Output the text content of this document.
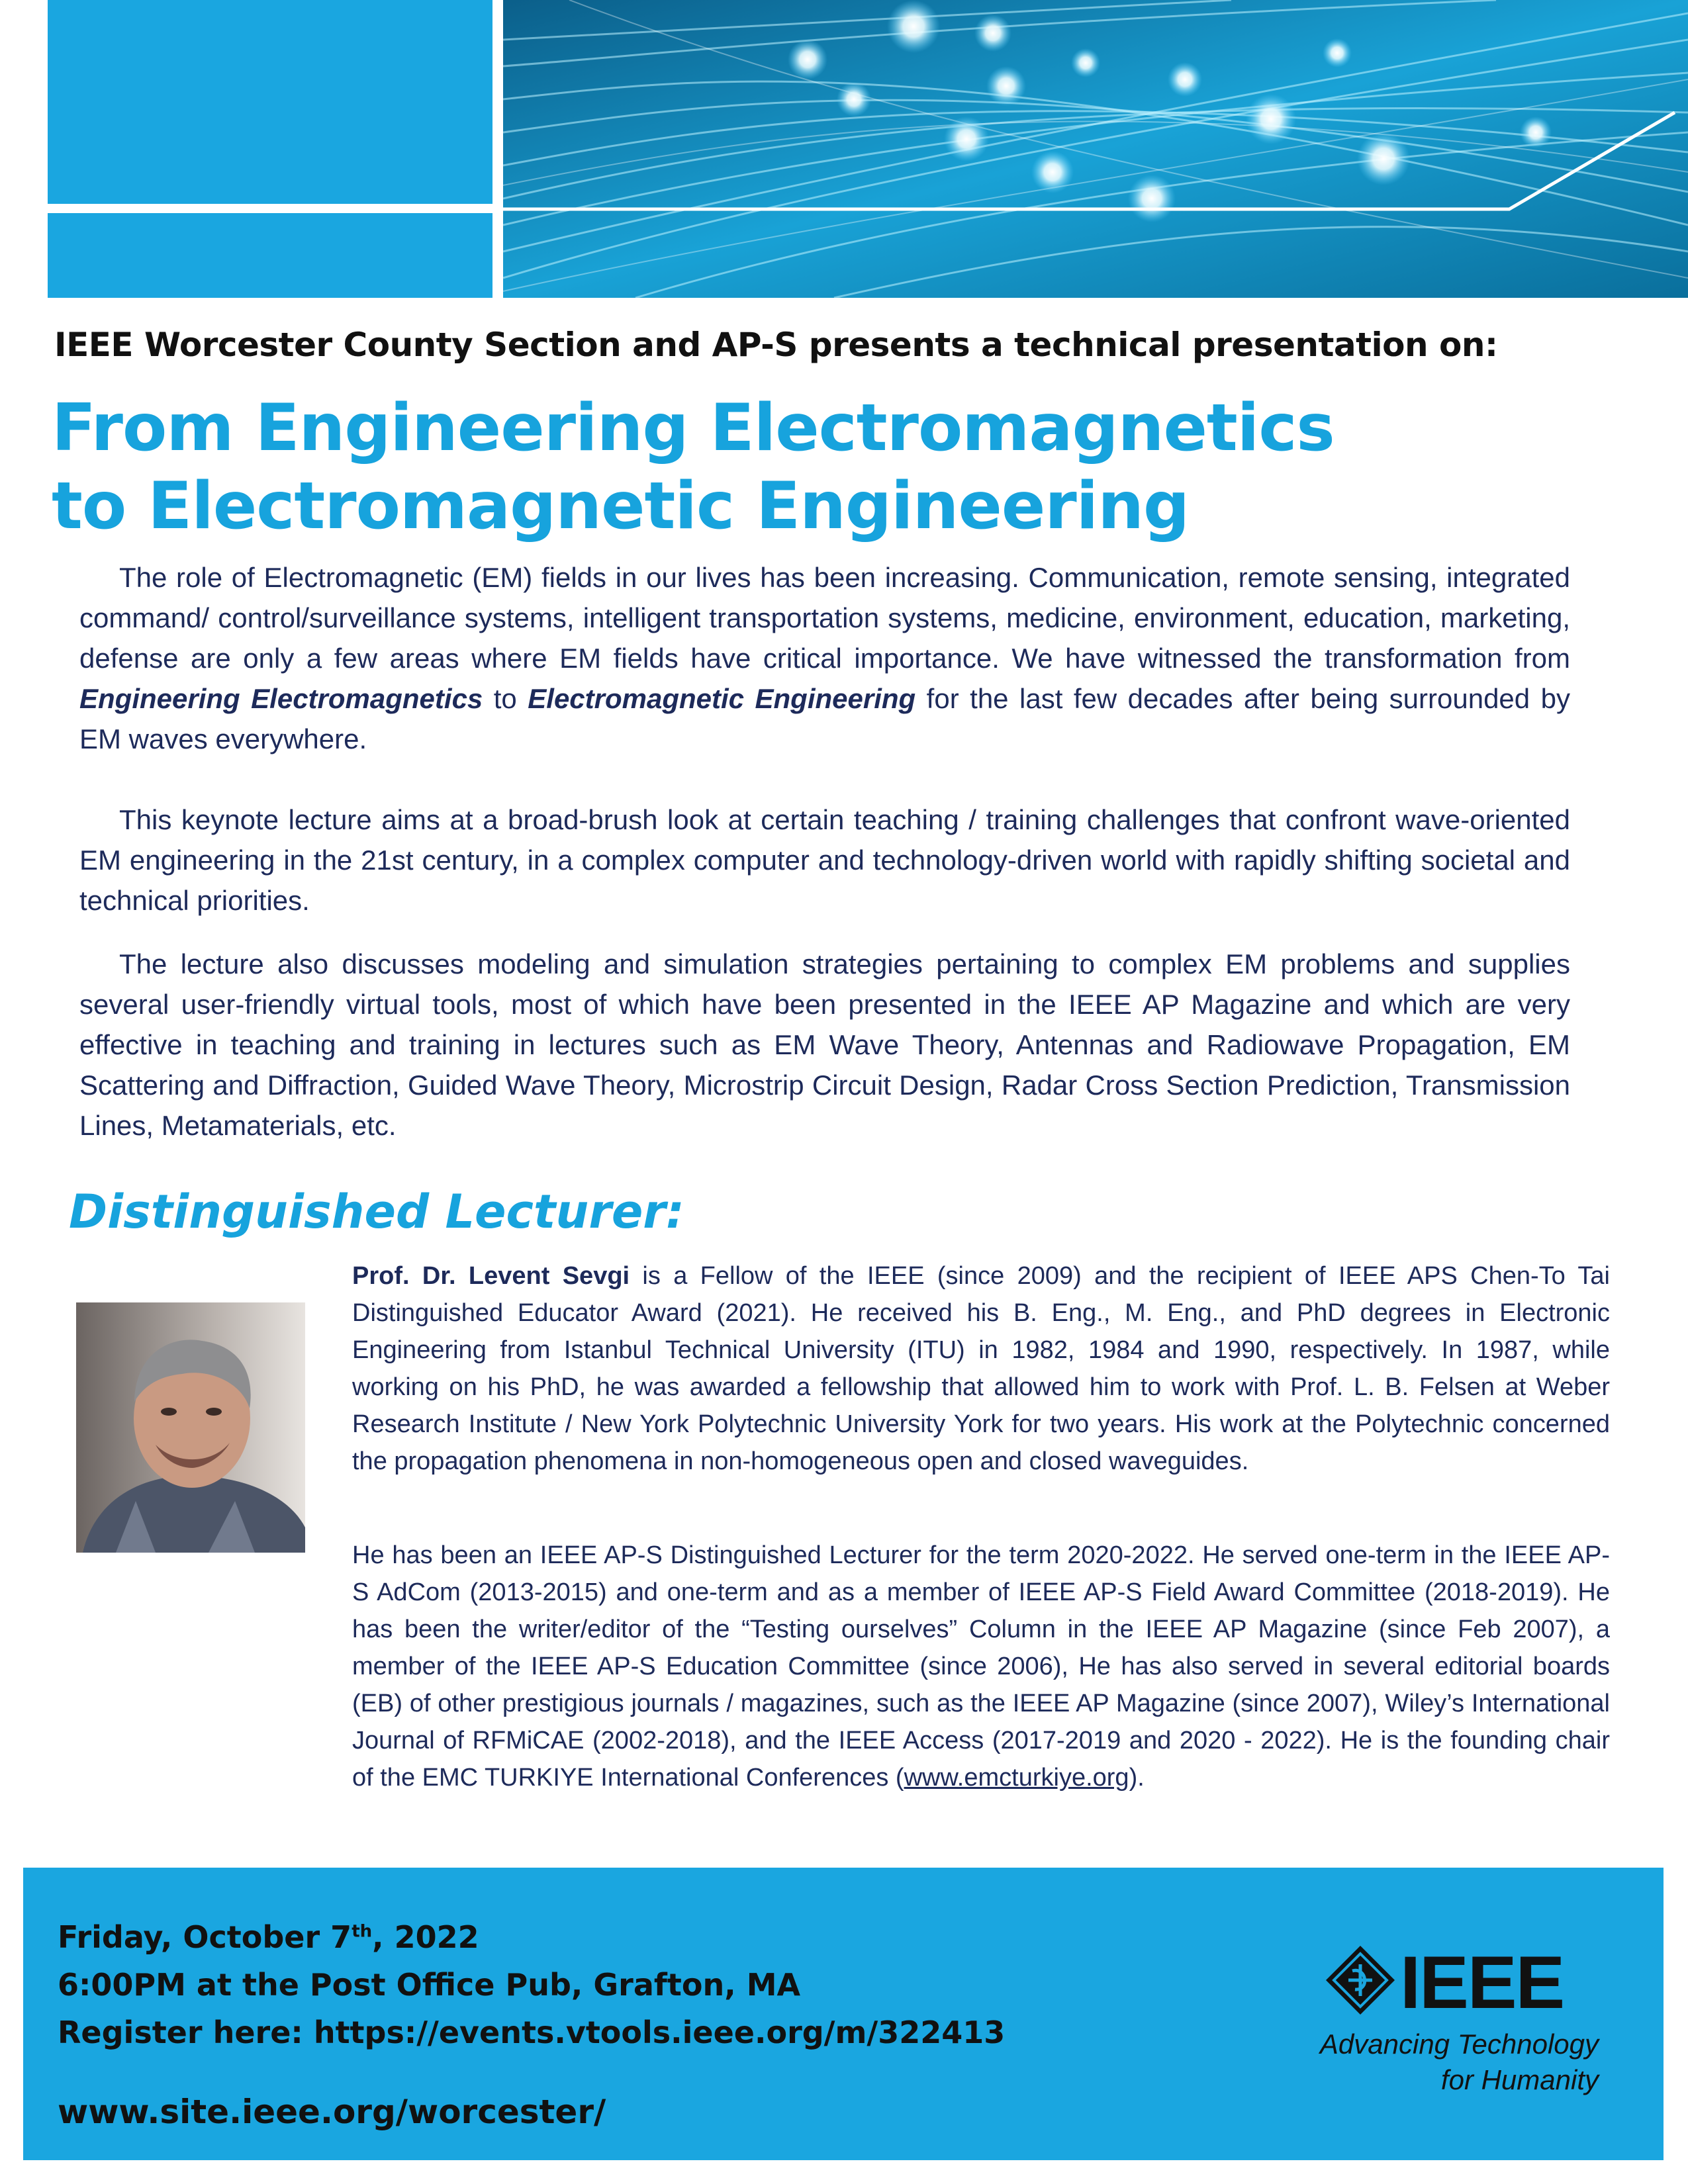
IEEE Worcester County Section and AP-S presents a technical presentation on:
From Engineering Electromagnetics
to Electromagnetic Engineering

The role of Electromagnetic (EM) fields in our lives has been increasing. Communication, remote sensing, integrated command/ control/surveillance systems, intelligent transportation systems, medicine, environment, education, marketing, defense are only a few areas where EM fields have critical importance. We have witnessed the transformation from Engineering Electromagnetics to Electromagnetic Engineering for the last few decades after being surrounded by EM waves everywhere.

This keynote lecture aims at a broad-brush look at certain teaching / training challenges that confront wave-oriented EM engineering in the 21st century, in a complex computer and technology-driven world with rapidly shifting societal and technical priorities.

The lecture also discusses modeling and simulation strategies pertaining to complex EM problems and supplies several user-friendly virtual tools, most of which have been presented in the IEEE AP Magazine and which are very effective in teaching and training in lectures such as EM Wave Theory, Antennas and Radiowave Propagation, EM Scattering and Diffraction, Guided Wave Theory, Microstrip Circuit Design, Radar Cross Section Prediction, Transmission Lines, Metamaterials, etc.

Distinguished Lecturer:

Prof. Dr. Levent Sevgi is a Fellow of the IEEE (since 2009) and the recipient of IEEE APS Chen-To Tai Distinguished Educator Award (2021). He received his B. Eng., M. Eng., and PhD degrees in Electronic Engineering from Istanbul Technical University (ITU) in 1982, 1984 and 1990, respectively. In 1987, while working on his PhD, he was awarded a fellowship that allowed him to work with Prof. L. B. Felsen at Weber Research Institute / New York Polytechnic University York for two years. His work at the Polytechnic concerned the propagation phenomena in non-homogeneous open and closed waveguides.

He has been an IEEE AP-S Distinguished Lecturer for the term 2020-2022. He served one-term in the IEEE AP-S AdCom (2013-2015) and one-term and as a member of IEEE AP-S Field Award Committee (2018-2019). He has been the writer/editor of the “Testing ourselves” Column in the IEEE AP Magazine (since Feb 2007), a member of the IEEE AP-S Education Committee (since 2006), He has also served in several editorial boards (EB) of other prestigious journals / magazines, such as the IEEE AP Magazine (since 2007), Wiley’s International Journal of RFMiCAE (2002-2018), and the IEEE Access (2017-2019 and 2020 - 2022). He is the founding chair of the EMC TURKIYE International Conferences (www.emcturkiye.org).

Friday, October 7th, 2022
6:00PM at the Post Office Pub, Grafton, MA
Register here: https://events.vtools.ieee.org/m/322413
www.site.ieee.org/worcester/
IEEE
Advancing Technology
for Humanity
